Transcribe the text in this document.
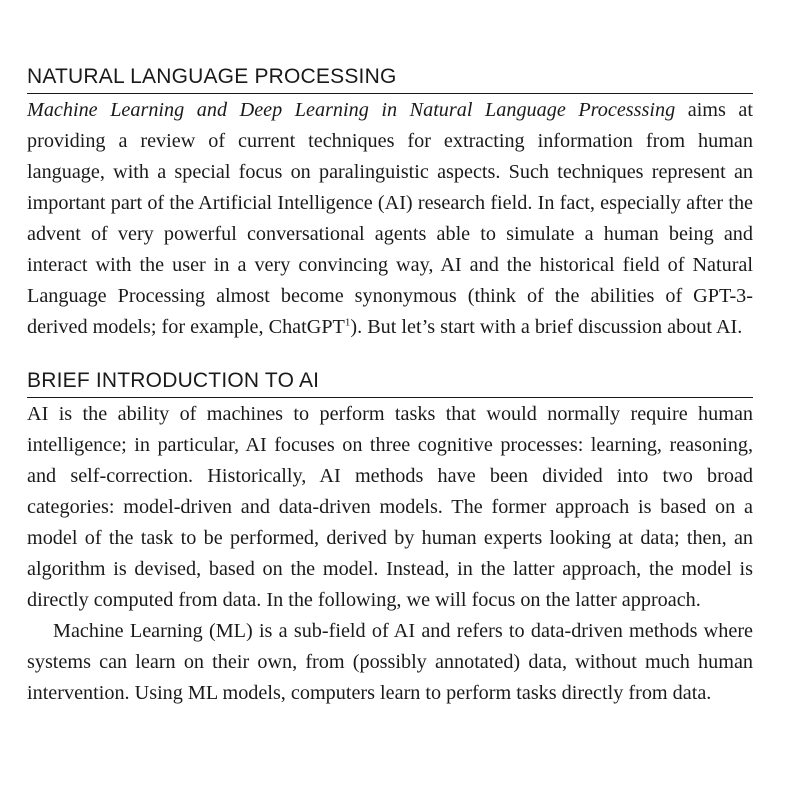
NATURAL LANGUAGE PROCESSING

Machine Learning and Deep Learning in Natural Language Processsing aims at providing a review of current techniques for extracting information from human language, with a special focus on paralinguistic aspects. Such techniques represent an important part of the Artificial Intelligence (AI) research field. In fact, especially after the advent of very powerful conversational agents able to simulate a human being and interact with the user in a very convincing way, AI and the historical field of Natural Language Processing almost become synonymous (think of the abilities of GPT-3-derived models; for example, ChatGPT$^1$). But let’s start with a brief discussion about AI.

BRIEF INTRODUCTION TO AI

AI is the ability of machines to perform tasks that would normally require human intelligence; in particular, AI focuses on three cognitive processes: learning, reasoning, and self-correction. Historically, AI methods have been divided into two broad categories: model-driven and data-driven models. The former approach is based on a model of the task to be performed, derived by human experts looking at data; then, an algorithm is devised, based on the model. Instead, in the latter approach, the model is directly computed from data. In the following, we will focus on the latter approach.

Machine Learning (ML) is a sub-field of AI and refers to data-driven methods where systems can learn on their own, from (possibly annotated) data, without much human intervention. Using ML models, computers learn to perform tasks directly from data.
